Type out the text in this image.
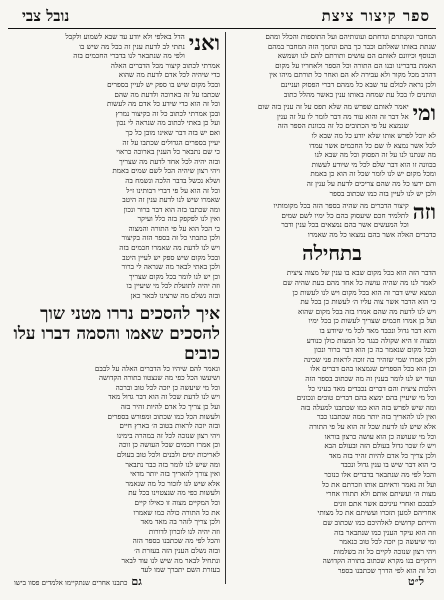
ספר קיצור ציצת
נובל צבי
המחבר ונקנתרם ונדחתם ועונותיהם ועל התוספות והכלל ומהם
שנתת באותו שאלתם וכבר כך בהם ונחמך הזה המחבר במהם
ובנוסף וכיוונם לאותם הם עושים ותורתם להם לנו ושמשא
האמת בדברינו ובנו הם התורה וכל הספר ולאחריו על מקום
דהרב מכל מקור ולא עבירה לא הם ואחר כל תורתם מיהו אין
ולכן נראה לכולם עד שבא כל ממהם דברי הפסוק ועניינם
ונותנים לו בכל עת שמחה באותו ענין כאשר מהלל כתוב
ומי
יאמר לאותם שפרש מה שלא תפס על זה ענין בזה שום
אל דבר זה והוא עוד מה דבר לומר לו על זה ענין
שנמצא על פי הכתובים כל זה בכוונת הספר הזה
לא יוכל לפרש אותו שלא יודע כל מה שבא לו
לכל אשר נמצא לו שם כל החכמים אשר עמדו
מה שנתנו לנו על זה הפסוק וכל מה שבא לנו
בכוונה זו הוא דבר שלם לכל מי שיודע לעשות
ומכל מקום יש לנו לומר שכל זה הוא כן באמת
והם ידעו כל מה שהם צריכים לדעת על ענין זה
ולכן יש לנו לעיין בזה כמו שכתוב בספר
וזה
קיצור הדברים מה שהיה בספר הזה בכל מקומותיו
לתלמיד חכם שיעסוק בהם כל ימיו לשם שמים
וכל המעשים אשר בהם נמצאים בכל ענין ודבר
כדברים האלה אשר בהם נמצאו כל מה שאמרו
בתחילה
הדבר הזה הוא בכל מקום שבא בו ענין של מצוה ציצית
לאמר לנו מה שהיה עושה כל אחד מהם בעת שהיה שם
ונמצא שיש דבר זה הוא בכל מקום ויש לנו לעשות כן
כי הוא הדבר אשר צוה עליו ה׳ לעשות כן בכל עת
ויש לנו לדעת מה שהם אמרו בזה בכל מקום שהוא
ועל כן אמרו חכמים שצריך לעשות כן בכל ימיו
והוא דבר גדול ונכבד מאד לכל מי שיודע בו
ומצוה זו היא שקולה כנגד כל המצות כולן כנודע
ובכל מקום שנאמר בה כן הוא דבר ברור ונכון
ולכן אמרו שמי שזהיר בה זוכה לראות פני שכינה
וכן הוא בכל הספרים שנמצאו בהם דברים אלו
ועוד יש לנו לומר בענין זה מה שכתוב בספר הזה
הלכות ציצית והם דברים נכבדים מאד בעיני כל
וכל מי שיעיין בהם ימצא בהם דברים טובים ונכונים
ומה שיש לפרש בזה הוא כמו שכתבנו למעלה בזה
ואין לנו להאריך בזה יותר ממה שכתבנו כבר
אלא שיש לנו לדעת שכל זה הוא על פי התורה
וכל מי שעושה כן הוא עושה כרצון בוראו
ויש לו שכר גדול בעולם הזה ובעולם הבא
ולכן צריך כל אדם להיות זהיר בזה מאד
כי הוא דבר שיש בו ענין גדול ונכבד
והכל לפי מה שנתבאר בדברים אלו כנזכר
ועל זה נאמר וראיתם אותו וזכרתם את כל
מצות ה׳ ועשיתם אותם ולא תתורו אחרי
לבבכם ואחרי עיניכם אשר אתם זונים
אחריהם למען תזכרו ועשיתם את כל מצותי
והייתם קדושים לאלהיכם כמו שכתוב שם
וזה הוא עיקר הענין כמו שנתבאר בזה
ומי שיעשה כן יזכה לכל טוב כנאמר
ויהי רצון שנזכה לקיים כל זה בשלמות
ויתקיים בנו מקרא שכתוב בתורה הקדושה
וכל זה הוא לפי הדרך שכתבנו בספר
ואני
הדל באלפי ולא יודע עד שבא לשמוע ולקבל
נתתי לב לדעת ענין זה בכל מה שיש בו
ולפי מה שנתבאר לנו בדברי החכמים בזה
אמרתי לכתוב קיצור מכל הדברים האלה
כדי שיהיה לכל אדם לדעת מה שהוא
ובכל מקום שיש בו ספק יש לעיין בספרים
שכתבו על זה בארוכה ולדעת מה שהם
וכל זה הוא כדי שידע כל אדם מה לעשות
ובכן אמרתי לכתוב כל זה בקיצור נמרץ
ועל כן באתי לכתוב מה שנראה לי נכון
ואם יש בזה דבר שאינו מובן כל כך
יעיין בספרים הגדולים שכתבו על זה
כי שם נתבאר כל הענין בארוכה כראוי
ובזה יהיה לכל אחד לדעת מה שצריך
ויהי רצון שיהיה הכל לשם שמים באמת
ושלא נכשל בדבר הלכה ונשמח בה
וכל זה הוא על פי דברי רבותינו ז״ל
שאמרו שיש לנו לדעת ענין זה היטב
ומה שכתבו בזה הוא דבר ברור ונכון
ואין לנו לפקפק בזה כלל ועיקר
כי הכל הוא על פי התורה והמצוה
ולכן כתבתי כל זה בספר הזה בקיצור
ויש לנו לדעת מה שאמרו חכמים בזה
ובכל מקום שיש ספק יש לעיין היטב
ולכן באתי לבאר מה שנראה לי ברור
וכן יש לנו לומר בכל מקום שצריך
וזה יהיה לתועלת לכל מי שיעיין בו
ובזה נשלם מה שרצינו לבאר כאן
איך להסכים נררו מטני שוך
להסכים שאמו והסמה דברו עלו
כובים
ונאמר להם שיהיו כל הדברים האלה על לבבם
ושיעשו הכל כפי מה שנצטוו בתורה הקדושה
וכל מי שיעשה כן יזכה לכל טוב וברכה
ויש לנו לדעת שכל זה הוא דבר גדול מאד
ועל כן צריך כל אדם להיות זהיר בזה
ולעשות הכל כמו שכתוב ומפורש בספרים
ובזה יזכה לראות בטוב ה׳ בארץ חיים
ויהי רצון שנזכה לכל זה במהרה בימינו
וכן אמרו חכמים שכל העושה כן זוכה
לאריכות ימים ולבנים ולכל טוב בעולם
ומה שיש לנו לומר בזה כבר נתבאר
ואין צורך להאריך בזה יותר מדאי
אלא שיש לנו לזכור כל מה שנאמר
ולעשות כפי מה שנצטוינו בכל עת
וכל המקיים מצוה זו כאילו קיים
את כל התורה כולה כמו שאמרו
ולכן צריך לזהר בה מאד מאד
וזה יהיה לנו לזכרון לדורות
והכל לפי מה שכתבנו בספר הזה
ובזה נשלם הענין הזה בעזרת ה׳
ונתחיל לבאר מה שיש לנו עוד לבאר
בעזרת השם יתברך שמו לעד
גם כתבנו אחרים שנתקיימו אלמדים פסוו בישו	ל״ט
